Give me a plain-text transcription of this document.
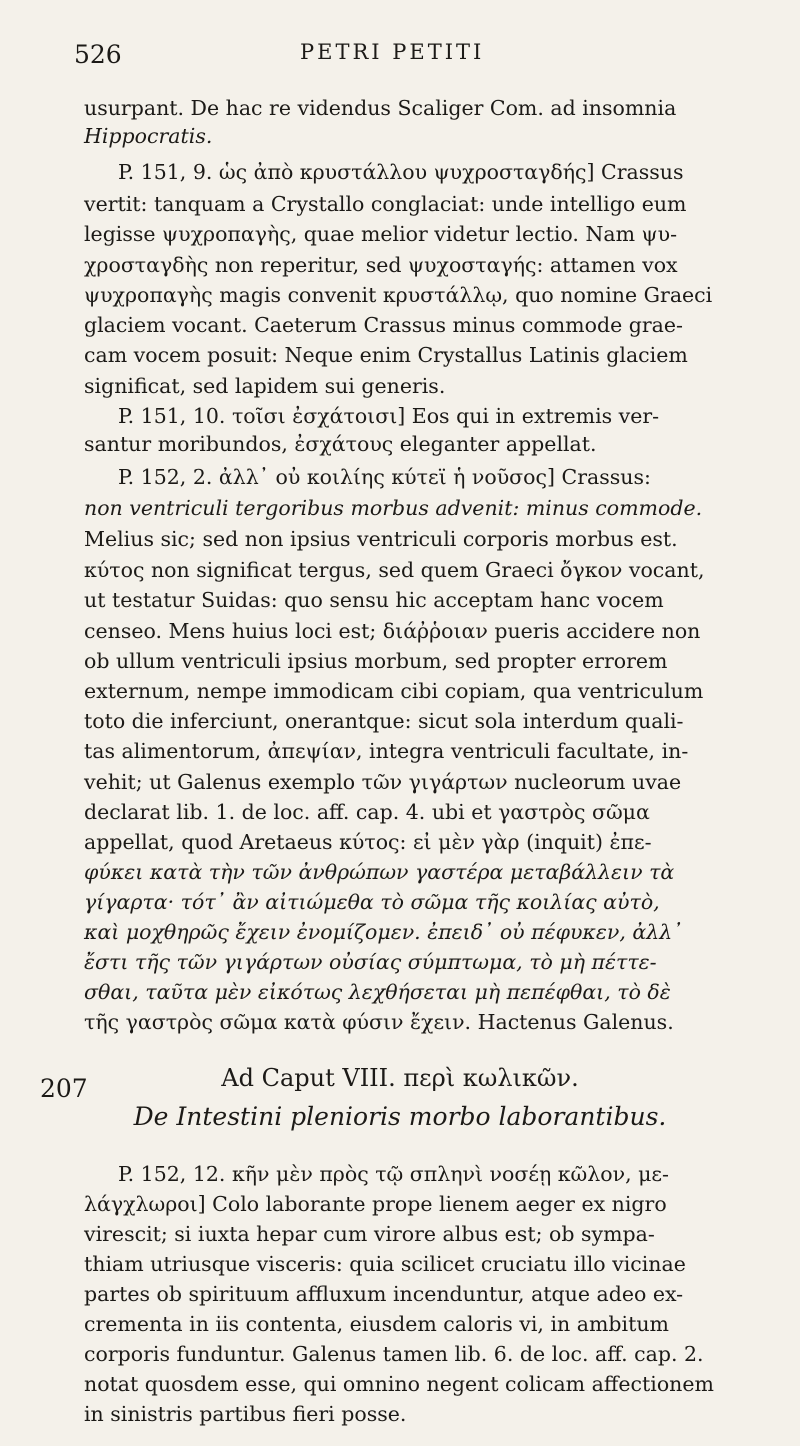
526	PETRI PETITI
usurpant. De hac re videndus Scaliger Com. ad insomnia
Hippocratis.
P. 151, 9. ὡς ἀπὸ κρυστάλλου ψυχροσταγδής] Crassus
vertit: tanquam a Crystallo conglaciat: unde intelligo eum
legisse ψυχροπαγὴς, quae melior videtur lectio. Nam ψυ-
χροσταγδὴς non reperitur, sed ψυχοσταγής: attamen vox
ψυχροπαγὴς magis convenit κρυστάλλῳ, quo nomine Graeci
glaciem vocant. Caeterum Crassus minus commode grae-
cam vocem posuit: Neque enim Crystallus Latinis glaciem
significat, sed lapidem sui generis.
P. 151, 10. τοῖσι ἐσχάτοισι] Eos qui in extremis ver-
santur moribundos, ἐσχάτους eleganter appellat.
P. 152, 2. ἀλλ᾽ οὐ κοιλίης κύτεϊ ἡ νοῦσος] Crassus:
non ventriculi tergoribus morbus advenit: minus commode.
Melius sic; sed non ipsius ventriculi corporis morbus est.
κύτος non significat tergus, sed quem Graeci ὄγκον vocant,
ut testatur Suidas: quo sensu hic acceptam hanc vocem
censeo. Mens huius loci est; διάῤῥοιαν pueris accidere non
ob ullum ventriculi ipsius morbum, sed propter errorem
externum, nempe immodicam cibi copiam, qua ventriculum
toto die inferciunt, onerantque: sicut sola interdum quali-
tas alimentorum, ἀπεψίαν, integra ventriculi facultate, in-
vehit; ut Galenus exemplo τῶν γιγάρτων nucleorum uvae
declarat lib. 1. de loc. aff. cap. 4. ubi et γαστρὸς σῶμα
appellat, quod Aretaeus κύτος: εἰ μὲν γὰρ (inquit) ἐπε-
φύκει κατὰ τὴν τῶν ἀνθρώπων γαστέρα μεταβάλλειν τὰ
γίγαρτα· τότ᾽ ἂν αἰτιώμεθα τὸ σῶμα τῆς κοιλίας αὐτὸ,
καὶ μοχθηρῶς ἔχειν ἐνομίζομεν. ἐπειδ᾽ οὐ πέφυκεν, ἀλλ᾽
ἔστι τῆς τῶν γιγάρτων οὐσίας σύμπτωμα, τὸ μὴ πέττε-
σθαι, ταῦτα μὲν εἰκότως λεχθήσεται μὴ πεπέφθαι, τὸ δὲ
τῆς γαστρὸς σῶμα κατὰ φύσιν ἔχειν. Hactenus Galenus.
207	Ad Caput VIII. περὶ κωλικῶν.
De Intestini plenioris morbo laborantibus.
P. 152, 12. κῆν μὲν πρὸς τῷ σπληνὶ νοσέῃ κῶλον, με-
λάγχλωροι] Colo laborante prope lienem aeger ex nigro
virescit; si iuxta hepar cum virore albus est; ob sympa-
thiam utriusque visceris: quia scilicet cruciatu illo vicinae
partes ob spirituum affluxum incenduntur, atque adeo ex-
crementa in iis contenta, eiusdem caloris vi, in ambitum
corporis funduntur. Galenus tamen lib. 6. de loc. aff. cap. 2.
notat quosdem esse, qui omnino negent colicam affectionem
in sinistris partibus fieri posse.
